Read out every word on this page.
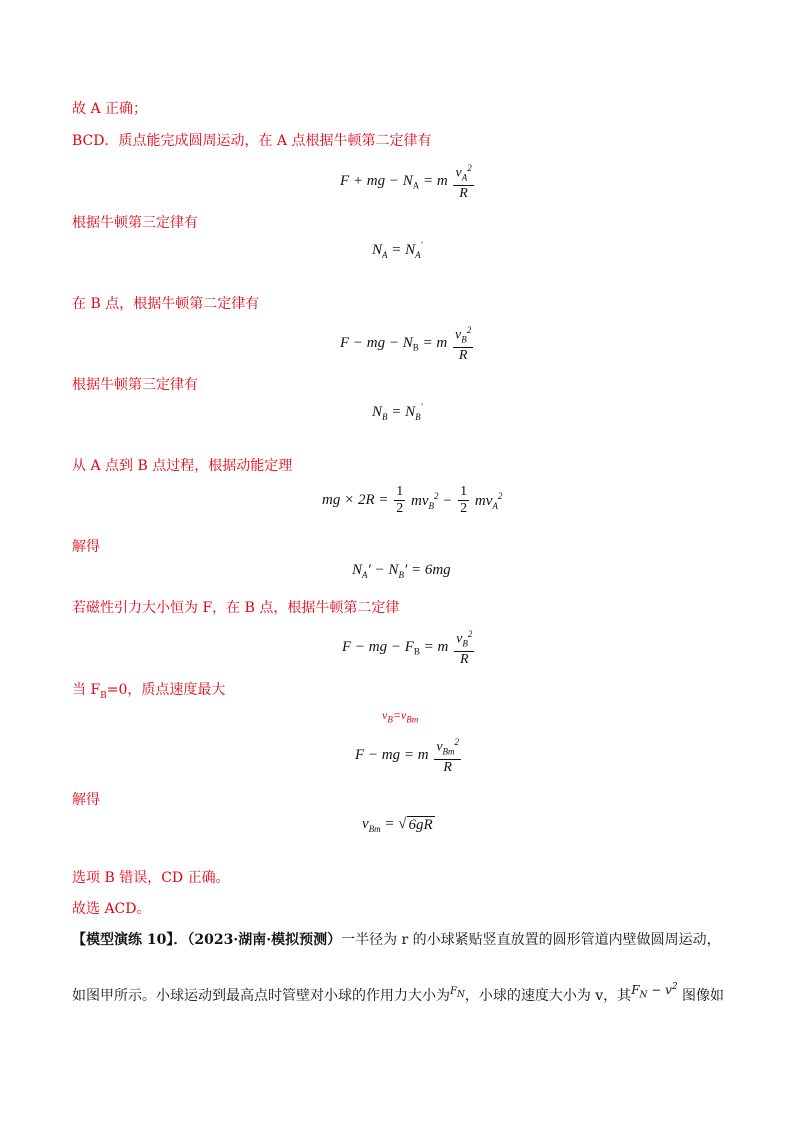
故 A 正确；
BCD．质点能完成圆周运动，在 A 点根据牛顿第二定律有
F + mg − $N_A = m \frac{v_A^2}{R}$
根据牛顿第三定律有
$N_A = N_A'$
在 B 点，根据牛顿第二定律有
F − mg − $N_B = m \frac{v_B^2}{R}$
根据牛顿第三定律有
$N_B = N_B'$
从 A 点到 B 点过程，根据动能定理
mg × $2R = \frac{1}{2} mv_B^2 - \frac{1}{2} mv_A^2$
解得
$N_A' - N_B' = 6mg$
若磁性引力大小恒为 F，在 B 点，根据牛顿第二定律
F − mg − $F_B = m \frac{v_B^2}{R}$
当 $F_B=0$，质点速度最大
$v_B=v_{Bm}$
F − mg = m $\frac{v_{Bm}^2}{R}$
解得
$v_{Bm}$ = √ 6gR
选项 B 错误，CD 正确。
故选 ACD。
【模型演练 10】．（2023·湖南·模拟预测）一半径为 r 的小球紧贴竖直放置的圆形管道内壁做圆周运动，
如图甲所示。小球运动到最高点时管壁对小球的作用力大小为$^{F_N}$，小球的速度大小为 v，其$F_N - v^2$ 图像如
